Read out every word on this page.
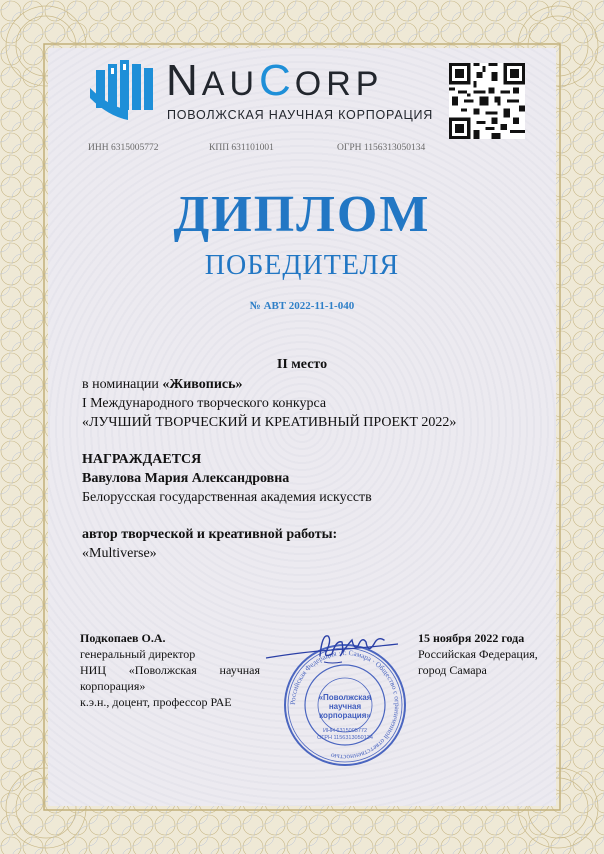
NAUCORP
ПОВОЛЖСКАЯ НАУЧНАЯ КОРПОРАЦИЯ
ИНН 6315005772	КПП 631101001	ОГРН 1156313050134
ДИПЛОМ
ПОБЕДИТЕЛЯ
№ АВТ 2022-11-1-040
II место
в номинации «Живопись»
I Международного творческого конкурса
«ЛУЧШИЙ ТВОРЧЕСКИЙ И КРЕАТИВНЫЙ ПРОЕКТ 2022»
НАГРАЖДАЕТСЯ
Вавулова Мария Александровна
Белорусская государственная академия искусств
автор творческой и креативной работы:
«Multiverse»
Подкопаев О.А.
генеральный директор
НИЦ «Поволжская научная
корпорация»
к.э.н., доцент, профессор РАЕ	Российская Федерация · г. Самара · Общество с ограниченной ответственностью
«Поволжская
научная
корпорация»
ИНН 6315005772
ОГРН 1156313050134
15 ноября 2022 года
Российская Федерация,
город Самара
